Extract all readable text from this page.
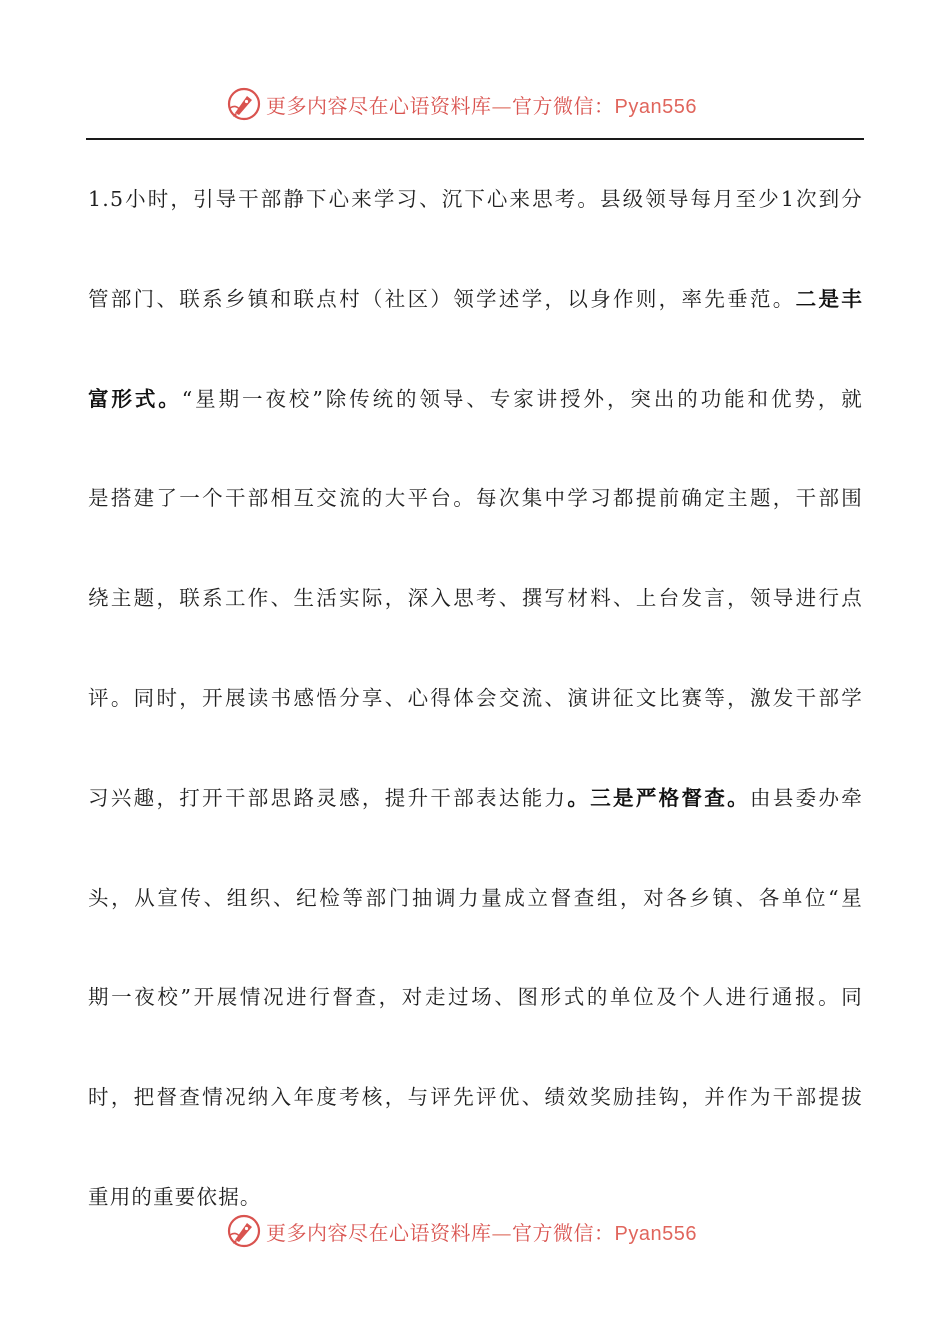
更多内容尽在心语资料库—官方微信：Pyan556
1.5小时，引导干部静下心来学习、沉下心来思考。县级领导每月至少1次到分
管部门、联系乡镇和联点村（社区）领学述学，以身作则，率先垂范。二是丰
富形式。“星期一夜校”除传统的领导、专家讲授外，突出的功能和优势，就
是搭建了一个干部相互交流的大平台。每次集中学习都提前确定主题，干部围
绕主题，联系工作、生活实际，深入思考、撰写材料、上台发言，领导进行点
评。同时，开展读书感悟分享、心得体会交流、演讲征文比赛等，激发干部学
习兴趣，打开干部思路灵感，提升干部表达能力。三是严格督查。由县委办牵
头，从宣传、组织、纪检等部门抽调力量成立督查组，对各乡镇、各单位“星
期一夜校”开展情况进行督查，对走过场、图形式的单位及个人进行通报。同
时，把督查情况纳入年度考核，与评先评优、绩效奖励挂钩，并作为干部提拔
重用的重要依据。
更多内容尽在心语资料库—官方微信：Pyan556
